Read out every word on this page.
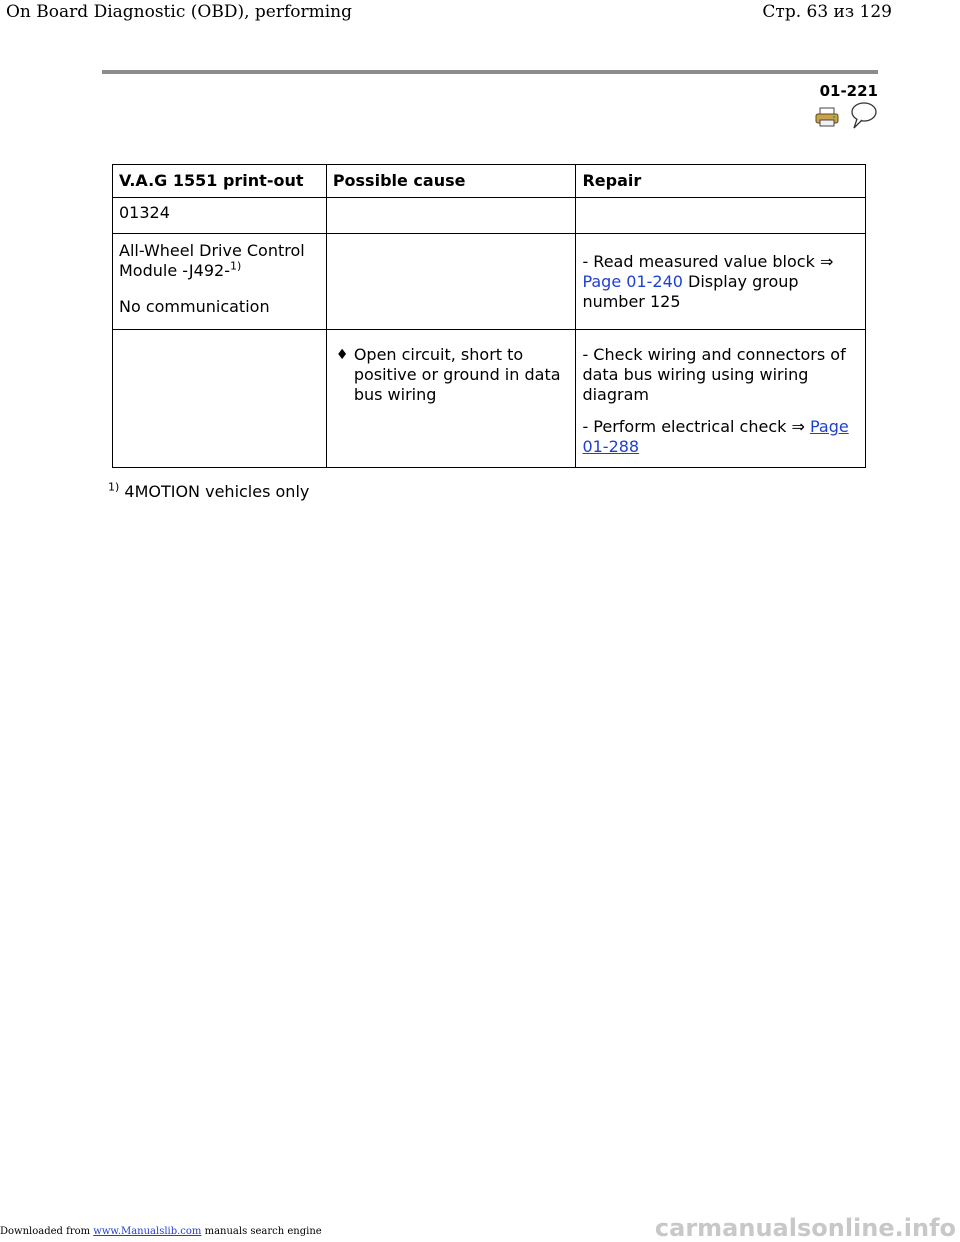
On Board Diagnostic (OBD), performing	Стр. 63 из 129
01-221
V.A.G 1551 print-out	Possible cause	Repair
01324		
All-Wheel Drive Control
Module -J492-$^{1)}$
No communication		- Read measured value block ⇒
Page 01-240 Display group number 125

	♦ Open circuit, short to positive or ground in data bus wiring	- Check wiring and connectors of data bus wiring using wiring diagram
- Perform electrical check ⇒ Page 01-288
$^{1)}$ 4MOTION vehicles only
Downloaded from www.Manualslib.com manuals search engine	carmanualsonline.info
